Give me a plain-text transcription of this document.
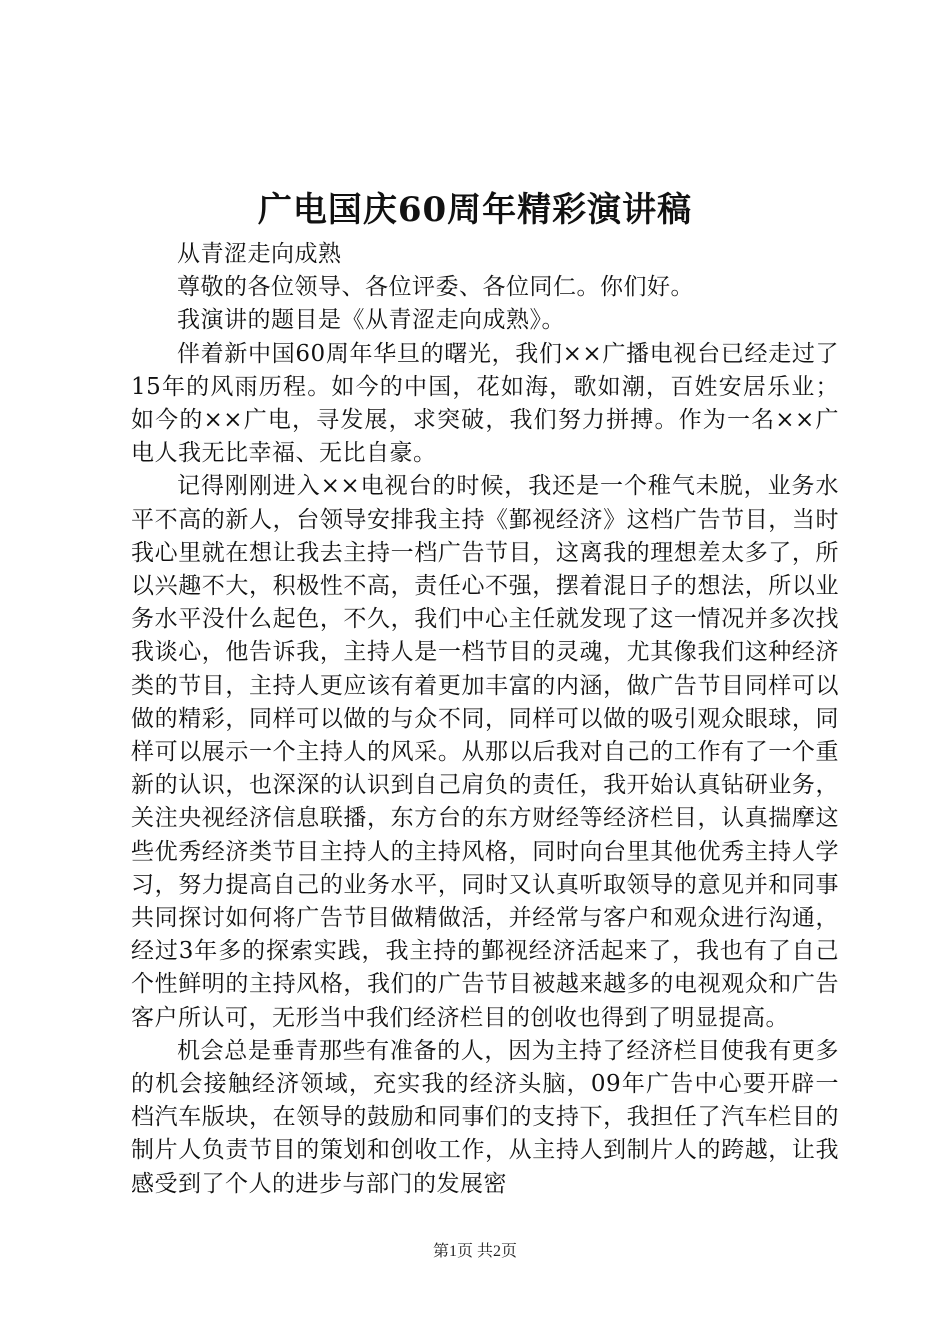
广电国庆60周年精彩演讲稿

从青涩走向成熟

尊敬的各位领导、各位评委、各位同仁。你们好。

我演讲的题目是《从青涩走向成熟》。

伴着新中国60周年华旦的曙光，我们××广播电视台已经走过了15年的风雨历程。如今的中国，花如海，歌如潮，百姓安居乐业；如今的××广电，寻发展，求突破，我们努力拼搏。作为一名××广电人我无比幸福、无比自豪。

记得刚刚进入××电视台的时候，我还是一个稚气未脱，业务水平不高的新人，台领导安排我主持《鄞视经济》这档广告节目，当时我心里就在想让我去主持一档广告节目，这离我的理想差太多了，所以兴趣不大，积极性不高，责任心不强，摆着混日子的想法，所以业务水平没什么起色，不久，我们中心主任就发现了这一情况并多次找我谈心，他告诉我，主持人是一档节目的灵魂，尤其像我们这种经济类的节目，主持人更应该有着更加丰富的内涵，做广告节目同样可以做的精彩，同样可以做的与众不同，同样可以做的吸引观众眼球，同样可以展示一个主持人的风采。从那以后我对自己的工作有了一个重新的认识，也深深的认识到自己肩负的责任，我开始认真钻研业务，关注央视经济信息联播，东方台的东方财经等经济栏目，认真揣摩这些优秀经济类节目主持人的主持风格，同时向台里其他优秀主持人学习，努力提高自己的业务水平，同时又认真听取领导的意见并和同事共同探讨如何将广告节目做精做活，并经常与客户和观众进行沟通，经过3年多的探索实践，我主持的鄞视经济活起来了，我也有了自己个性鲜明的主持风格，我们的广告节目被越来越多的电视观众和广告客户所认可，无形当中我们经济栏目的创收也得到了明显提高。

机会总是垂青那些有准备的人，因为主持了经济栏目使我有更多的机会接触经济领域，充实我的经济头脑，09年广告中心要开辟一档汽车版块，在领导的鼓励和同事们的支持下，我担任了汽车栏目的制片人负责节目的策划和创收工作，从主持人到制片人的跨越，让我感受到了个人的进步与部门的发展密

第1页 共2页
